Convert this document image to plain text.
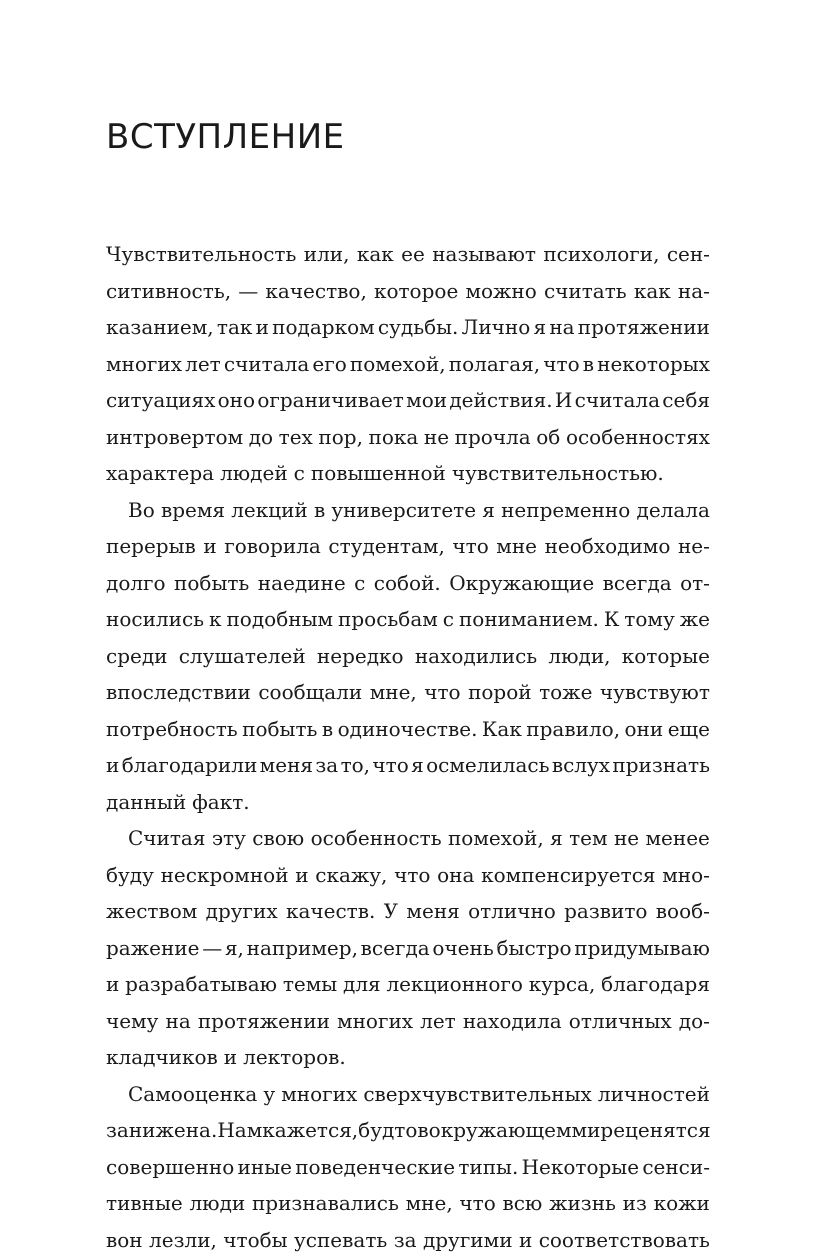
ВСТУПЛЕНИЕ
Чувствительность или, как ее называют психологи, сен-
ситивность, — качество, которое можно считать как на-
казанием, так и подарком судьбы. Лично я на протяжении
многих лет считала его помехой, полагая, что в некоторых
ситуациях оно ограничивает мои действия. И считала себя
интровертом до тех пор, пока не прочла об особенностях
характера людей с повышенной чувствительностью.
Во время лекций в университете я непременно делала
перерыв и говорила студентам, что мне необходимо не-
долго побыть наедине с собой. Окружающие всегда от-
носились к подобным просьбам с пониманием. К тому же
среди слушателей нередко находились люди, которые
впоследствии сообщали мне, что порой тоже чувствуют
потребность побыть в одиночестве. Как правило, они еще
и благодарили меня за то, что я осмелилась вслух признать
данный факт.
Считая эту свою особенность помехой, я тем не менее
буду нескромной и скажу, что она компенсируется мно-
жеством других качеств. У меня отлично развито вооб-
ражение — я, например, всегда очень быстро придумываю
и разрабатываю темы для лекционного курса, благодаря
чему на протяжении многих лет находила отличных до-
кладчиков и лекторов.
Самооценка у многих сверхчувствительных личностей
занижена. Нам кажется, будто в окружающем мире ценятся
совершенно иные поведенческие типы. Некоторые сенси-
тивные люди признавались мне, что всю жизнь из кожи
вон лезли, чтобы успевать за другими и соответствовать
